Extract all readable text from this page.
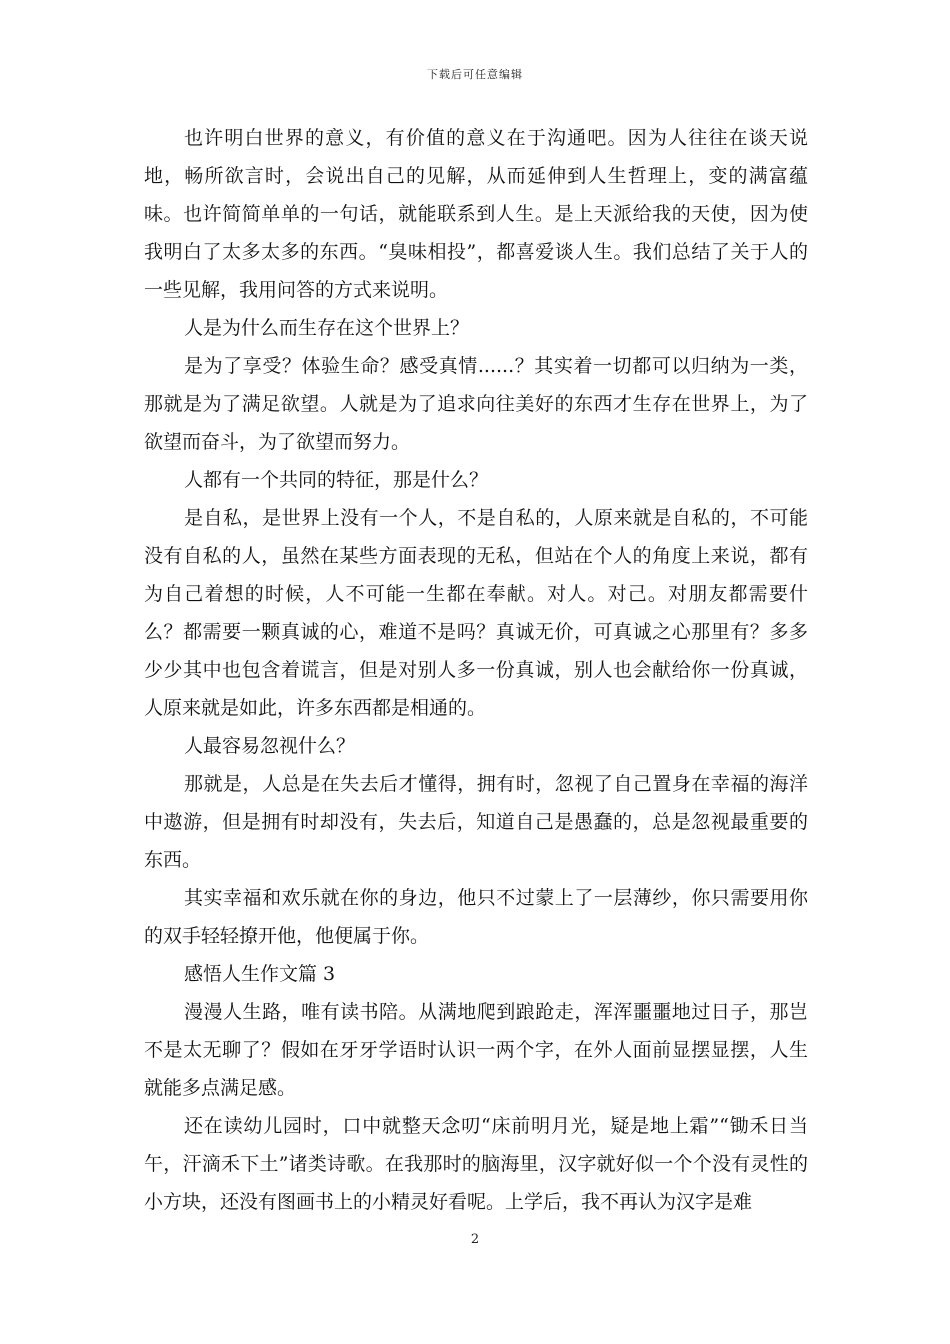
下载后可任意编辑

也许明白世界的意义，有价值的意义在于沟通吧。因为人往往在谈天说地，畅所欲言时，会说出自己的见解，从而延伸到人生哲理上，变的满富蕴味。也许简简单单的一句话，就能联系到人生。是上天派给我的天使，因为使我明白了太多太多的东西。“臭味相投”，都喜爱谈人生。我们总结了关于人的一些见解，我用问答的方式来说明。

人是为什么而生存在这个世界上？

是为了享受？体验生命？感受真情......？其实着一切都可以归纳为一类，那就是为了满足欲望。人就是为了追求向往美好的东西才生存在世界上，为了欲望而奋斗，为了欲望而努力。

人都有一个共同的特征，那是什么？

是自私，是世界上没有一个人，不是自私的，人原来就是自私的，不可能没有自私的人，虽然在某些方面表现的无私，但站在个人的角度上来说，都有为自己着想的时候，人不可能一生都在奉献。对人。对己。对朋友都需要什么？都需要一颗真诚的心，难道不是吗？真诚无价，可真诚之心那里有？多多少少其中也包含着谎言，但是对别人多一份真诚，别人也会献给你一份真诚，人原来就是如此，许多东西都是相通的。

人最容易忽视什么？

那就是，人总是在失去后才懂得，拥有时，忽视了自己置身在幸福的海洋中遨游，但是拥有时却没有，失去后，知道自己是愚蠢的，总是忽视最重要的东西。

其实幸福和欢乐就在你的身边，他只不过蒙上了一层薄纱，你只需要用你的双手轻轻撩开他，他便属于你。

感悟人生作文篇 3

漫漫人生路，唯有读书陪。从满地爬到踉跄走，浑浑噩噩地过日子，那岂不是太无聊了？假如在牙牙学语时认识一两个字，在外人面前显摆显摆，人生就能多点满足感。

还在读幼儿园时，口中就整天念叨“床前明月光，疑是地上霜”“锄禾日当午，汗滴禾下土”诸类诗歌。在我那时的脑海里，汉字就好似一个个没有灵性的小方块，还没有图画书上的小精灵好看呢。上学后，我不再认为汉字是难

2
